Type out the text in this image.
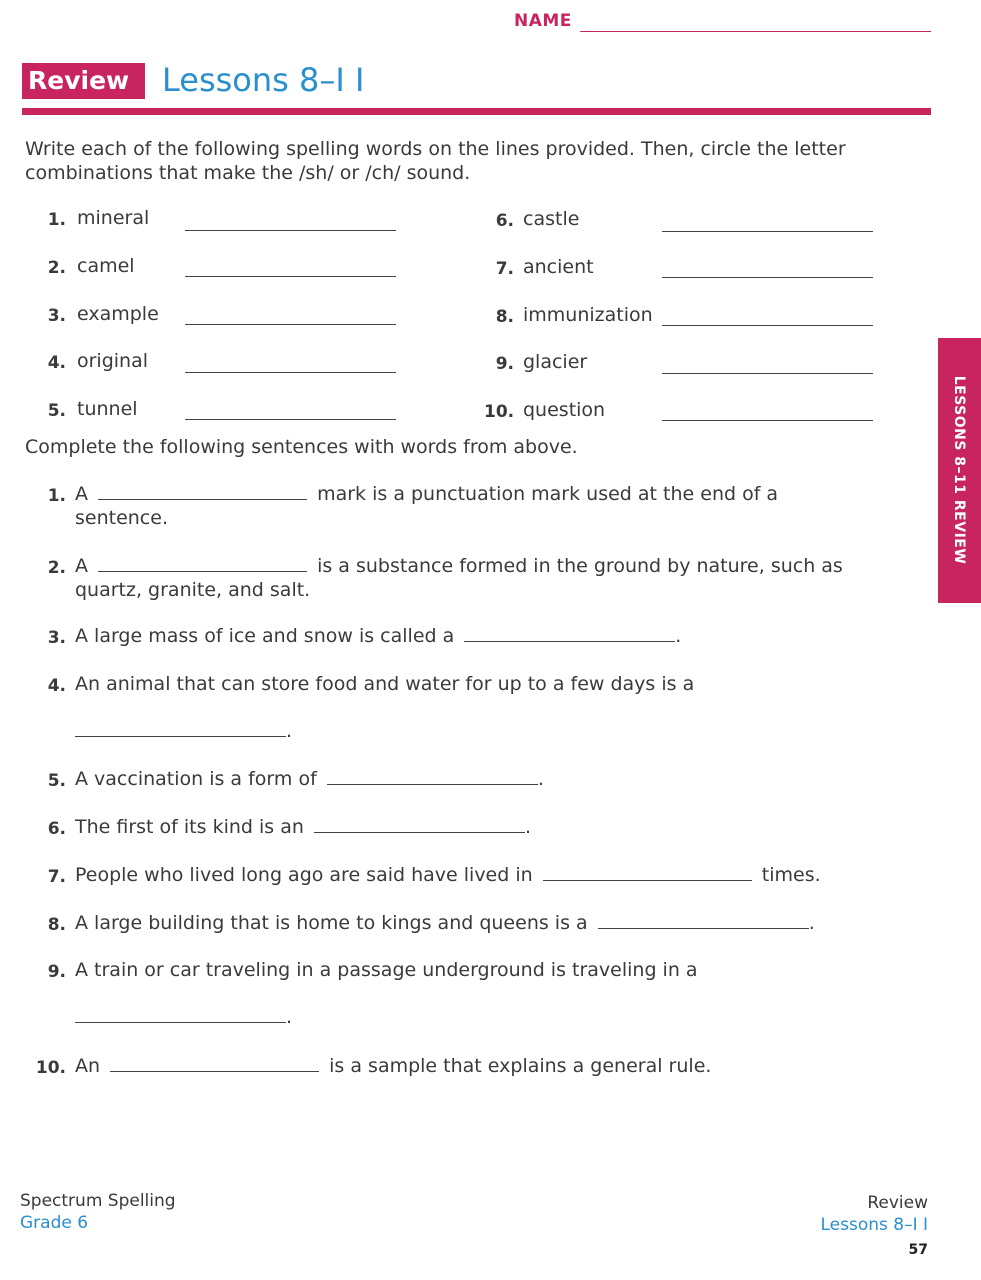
NAME
Review	Lessons 8–I I
Write each of the following spelling words on the lines provided. Then, circle the letter
combinations that make the /sh/ or /ch/ sound.
1. mineral
2. camel
3. example
4. original
5. tunnel
6. castle
7. ancient
8. immunization
9. glacier
10. question
Complete the following sentences with words from above.
1. A	mark is a punctuation mark used at the end of a
sentence.
2. A	is a substance formed in the ground by nature, such as
quartz, granite, and salt.
3. A large mass of ice and snow is called a	.
4. An animal that can store food and water for up to a few days is a
.
5. A vaccination is a form of	.
6. The first of its kind is an	.
7. People who lived long ago are said have lived in	times.
8. A large building that is home to kings and queens is a	.
9. A train or car traveling in a passage underground is traveling in a
.
10. An	is a sample that explains a general rule.
LESSONS 8–11 REVIEW
Spectrum Spelling
Grade 6
Review
Lessons 8–I I
57
